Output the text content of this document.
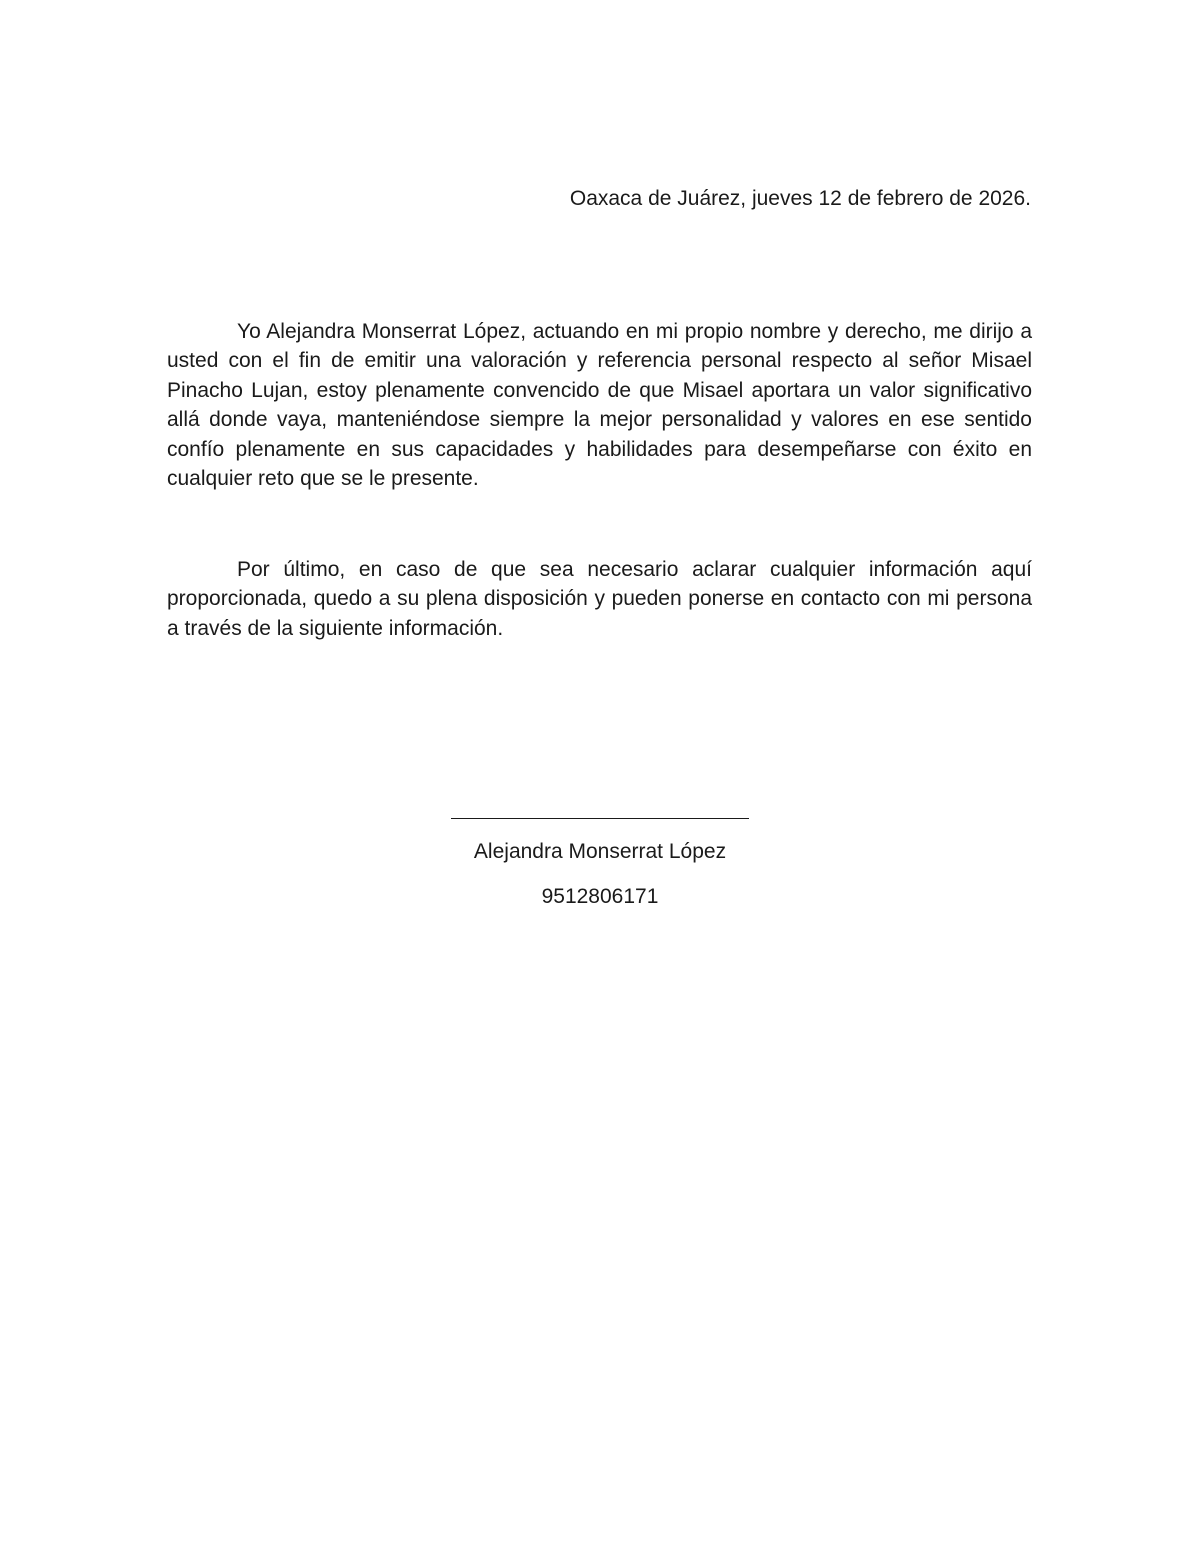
Oaxaca de Juárez, jueves 12 de febrero de 2026.

Yo Alejandra Monserrat López, actuando en mi propio nombre y derecho, me dirijo a usted con el fin de emitir una valoración y referencia personal respecto al señor Misael Pinacho Lujan, estoy plenamente convencido de que Misael aportara un valor significativo allá donde vaya, manteniéndose siempre la mejor personalidad y valores en ese sentido confío plenamente en sus capacidades y habilidades para desempeñarse con éxito en cualquier reto que se le presente.

Por último, en caso de que sea necesario aclarar cualquier información aquí proporcionada, quedo a su plena disposición y pueden ponerse en contacto con mi persona a través de la siguiente información.

Alejandra Monserrat López
9512806171
